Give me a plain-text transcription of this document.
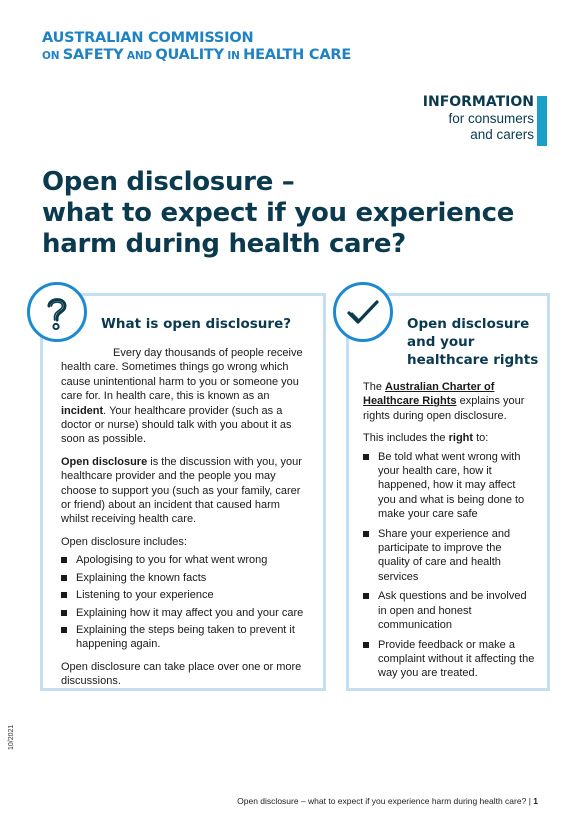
AUSTRALIAN COMMISSION
ON SAFETY AND QUALITY IN HEALTH CARE
INFORMATION
for consumers
and carers
Open disclosure –
what to expect if you experience
harm during health care?
What is open disclosure?

Every day thousands of people receive health care. Sometimes things go wrong which cause unintentional harm to you or someone you care for. In health care, this is known as an incident. Your healthcare provider (such as a doctor or nurse) should talk with you about it as soon as possible.

Open disclosure is the discussion with you, your healthcare provider and the people you may choose to support you (such as your family, carer or friend) about an incident that caused harm whilst receiving health care.

Open disclosure includes:

Apologising to you for what went wrong
Explaining the known facts
Listening to your experience
Explaining how it may affect you and your care
Explaining the steps being taken to prevent it happening again.

Open disclosure can take place over one or more discussions.

Open disclosure and your healthcare rights

The Australian Charter of Healthcare Rights explains your rights during open disclosure.

This includes the right to:

Be told what went wrong with your health care, how it happened, how it may affect you and what is being done to make your care safe
Share your experience and participate to improve the quality of care and health services
Ask questions and be involved in open and honest communication
Provide feedback or make a complaint without it affecting the way you are treated.
10/2021
Open disclosure – what to expect if you experience harm during health care? | 1
